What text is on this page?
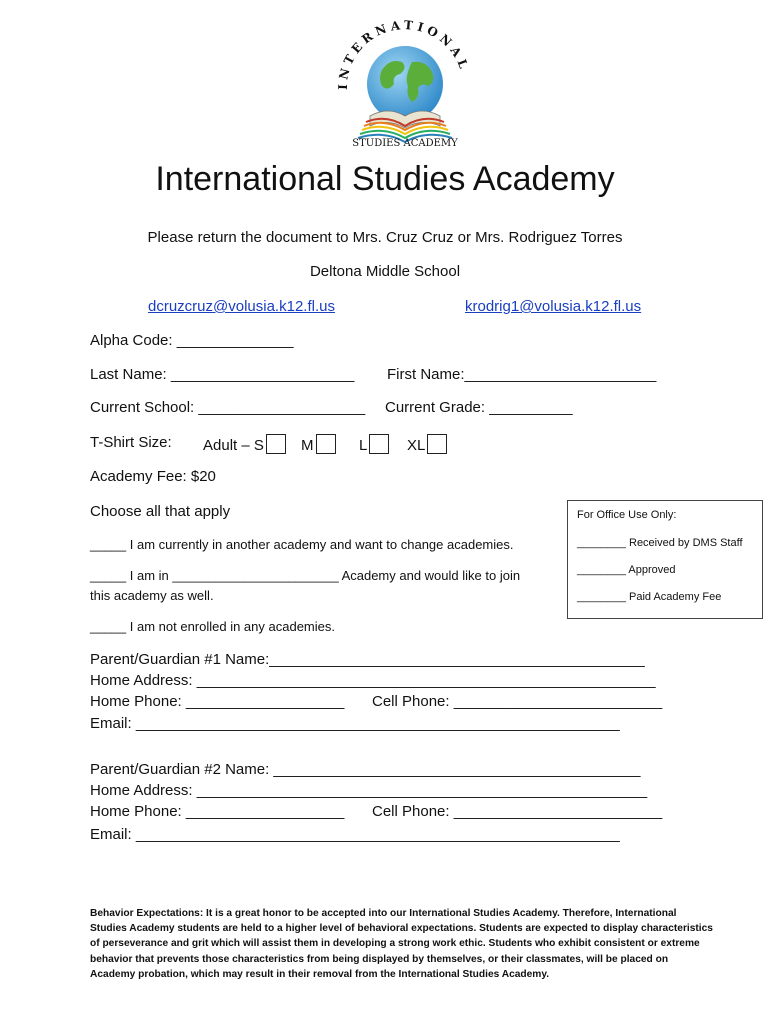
INTERNATIONAL
STUDIES ACADEMY
International Studies Academy
Please return the document to Mrs. Cruz Cruz or Mrs. Rodriguez Torres
Deltona Middle School
dcruzcruz@volusia.k12.fl.us	krodrig1@volusia.k12.fl.us
Alpha Code: ______________
Last Name: ______________________ First Name:_______________________
Current School: ____________________ Current Grade: __________
T-Shirt Size: Adult – S	M	L	XL
Academy Fee: $20
Choose all that apply
_____ I am currently in another academy and want to change academies.
_____ I am in _______________________ Academy and would like to join
this academy as well.
_____ I am not enrolled in any academies.
For Office Use Only:
________ Received by DMS Staff
________ Approved
________ Paid Academy Fee
Parent/Guardian #1 Name:_____________________________________________
Home Address: _______________________________________________________
Home Phone: ___________________ Cell Phone: _________________________
Email: __________________________________________________________
Parent/Guardian #2 Name: ____________________________________________
Home Address: ______________________________________________________
Home Phone: ___________________ Cell Phone: _________________________
Email: __________________________________________________________
Behavior Expectations: It is a great honor to be accepted into our International Studies Academy. Therefore, International Studies Academy students are held to a higher level of behavioral expectations. Students are expected to display characteristics of perseverance and grit which will assist them in developing a strong work ethic. Students who exhibit consistent or extreme behavior that prevents those characteristics from being displayed by themselves, or their classmates, will be placed on Academy probation, which may result in their removal from the International Studies Academy.
